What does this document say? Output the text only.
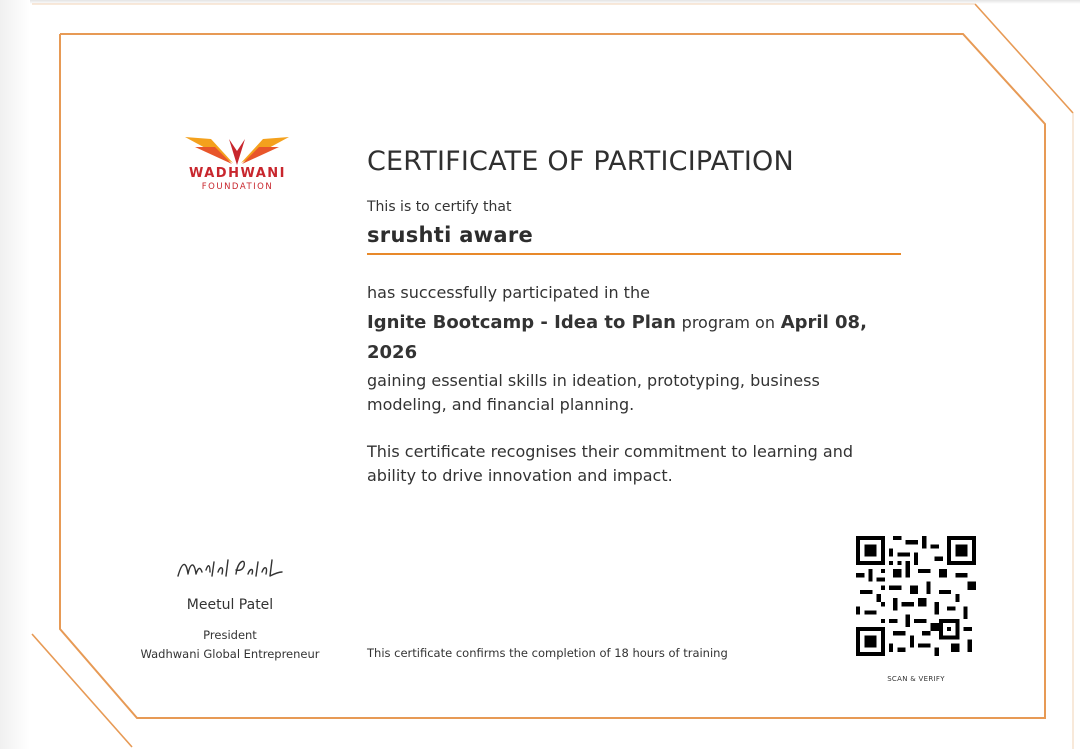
WADHWANI
FOUNDATION
CERTIFICATE OF PARTICIPATION
This is to certify that
srushti aware
has successfully participated in the
Ignite Bootcamp - Idea to Plan program on April 08, 2026
gaining essential skills in ideation, prototyping, business modeling, and financial planning.
This certificate recognises their commitment to learning and ability to drive innovation and impact.
Meetul Patel
President
Wadhwani Global Entrepreneur	This certificate confirms the completion of 18 hours of training
SCAN & VERIFY
